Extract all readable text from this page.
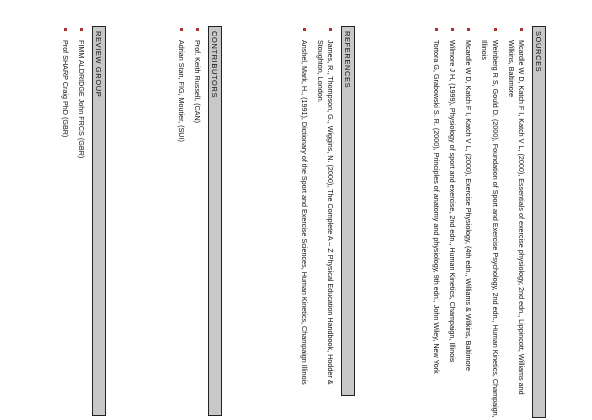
SOURCES
Mcardle W D, Katch F I, Katch V L, (2000), Essentials of exercise physiology, 2nd edn., Lippincott, Williams and Wilkins, Baltimore
Weinberg R S, Gould D. (2000), Foundation of Sport and Exercise Psychology, 2nd edn., Human Kinetics, Champaign, Illinois
Mcardle W D, Katch F I, Katch V L, (2000), Exercise Physiology, (4th edn., Williams & Wilkins, Baltimore
Wilmore J H, (1999), Physiology of sport and exercise, 2nd edn., Human Kinetics, Champaign, Illinois
Tortora G, Grabowski S. R. (2000), Principles of anatomy and physiology, 9th edn., John Wiley, New York
REFERENCES
James, R., Thompson, G., Wiggins, N. (2000), The Complete A – Z Physical Education Handbook, Hodder & Stoughton, London.
Anshel, Mark, H., (1991), Dictionary of the Sport and Exercise Sciences, Human Kinetics, Champaign Illinois
CONTRIBUTORS
Prof. Keith Russell, (CAN)
Adrian Stan, FIG, Moutier, (SUI)
REVIEW GROUP
FIMM ALDRIDGE John FRCS (GBR)
Prof SHARP Craig PhD (GBR)
